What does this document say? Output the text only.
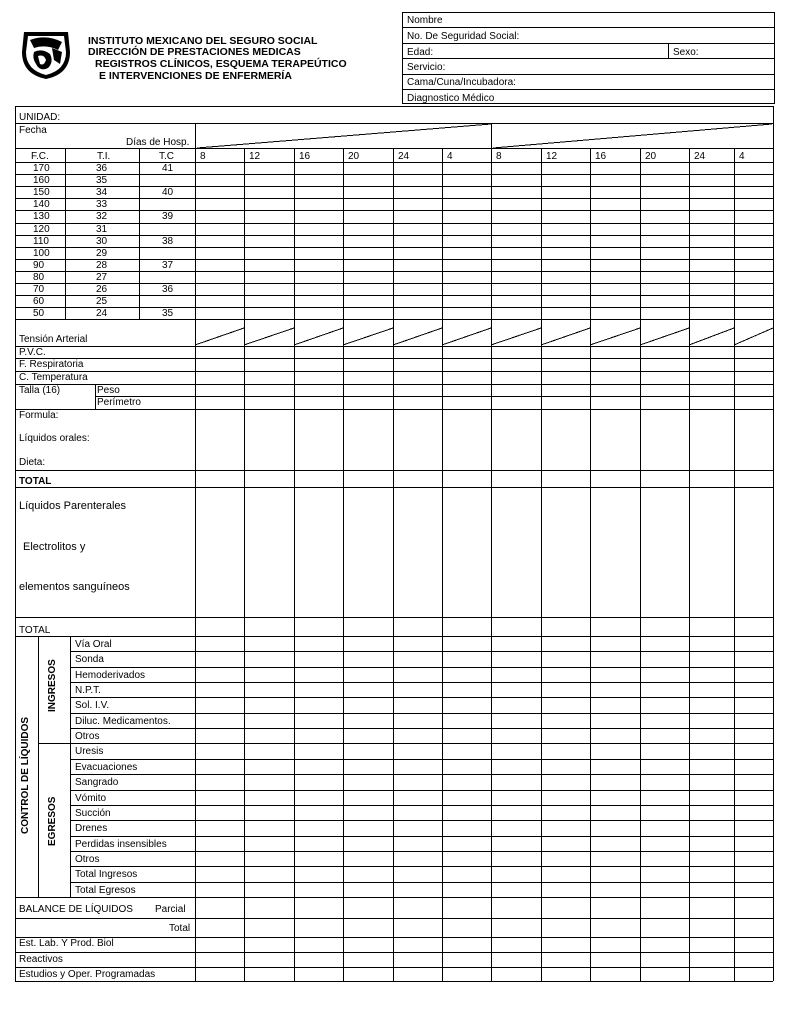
INSTITUTO MEXICANO DEL SEGURO SOCIAL
DIRECCIÓN DE PRESTACIONES MEDICAS
REGISTROS CLÍNICOS, ESQUEMA TERAPEÚTICO
E INTERVENCIONES DE ENFERMERÍA
Nombre
No. De Seguridad Social:
Edad:	Sexo:
Servicio:
Cama/Cuna/Incubadora:
Diagnostico Médico
UNIDAD:
Fecha
Días de Hosp.
F.C.	T.I.	T.C	8	12	16	20	24	4	8	12	16	20	24	4
170	36	41
160	35
150	34	40
140	33
130	32	39
120	31
110	30	38
100	29
90	28	37
80	27
70	26	36
60	25
50	24	35
Tensión Arterial
P.V.C.
F. Respiratoria
C. Temperatura
Talla (16)	Peso
Perímetro
Formula:
Líquidos orales:
Dieta:
TOTAL
Líquidos Parenterales
Electrolitos y
elementos sanguíneos
TOTAL
CONTROL DE LÍQUIDOS
INGRESOS
EGRESOS
Vía Oral
Sonda
Hemoderivados
N.P.T.
Sol. I.V.
Diluc. Medicamentos.
Otros
Uresis
Evacuaciones
Sangrado
Vómito
Succión
Drenes
Perdidas insensibles
Otros
Total Ingresos
Total Egresos
BALANCE DE LÍQUIDOS Parcial
Total
Est. Lab. Y Prod. Biol
Reactivos
Estudios y Oper. Programadas
